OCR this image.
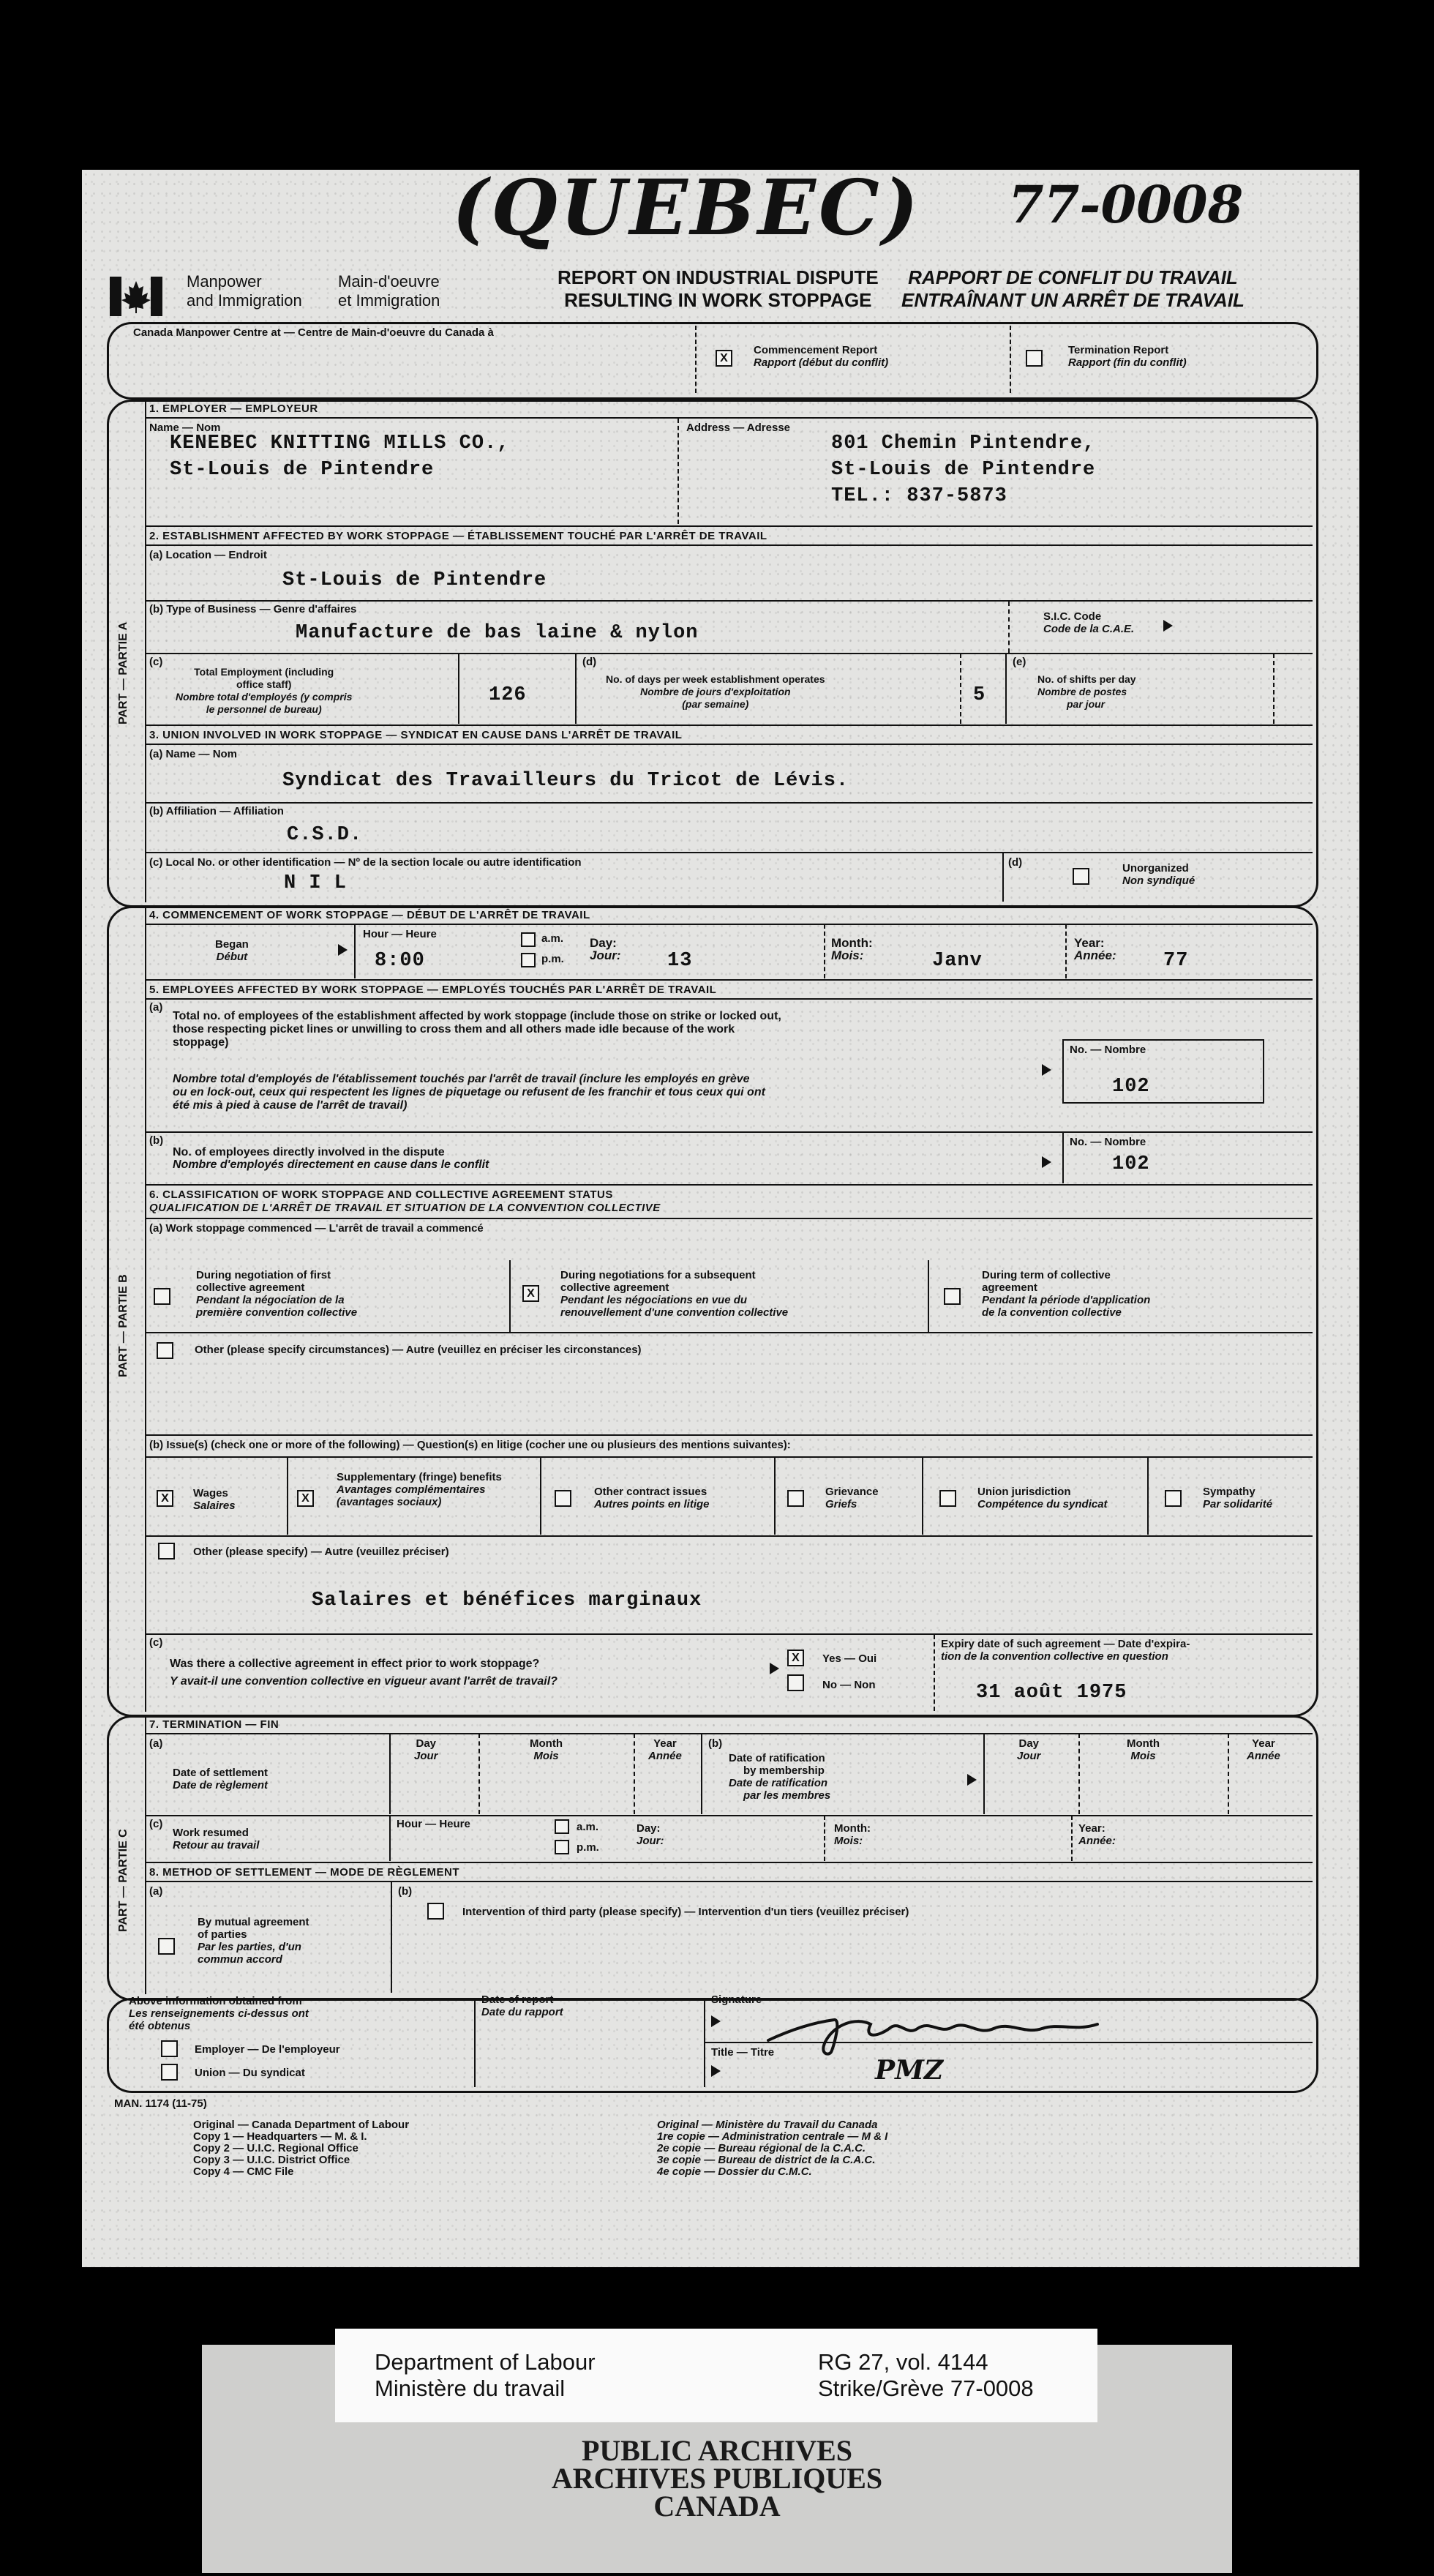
(QUEBEC) 77-0008
Manpower
and Immigration
Main-d'oeuvre
et Immigration
REPORT ON INDUSTRIAL DISPUTE
RESULTING IN WORK STOPPAGE
RAPPORT DE CONFLIT DU TRAVAIL
ENTRAÎNANT UN ARRÊT DE TRAVAIL
Canada Manpower Centre at — Centre de Main-d'oeuvre du Canada à
X
Commencement Report
Rapport (début du conflit)
Termination Report
Rapport (fin du conflit)
PART — PARTIE A
1. EMPLOYER — EMPLOYEUR
Name — Nom
KENEBEC KNITTING MILLS CO.,
St-Louis de Pintendre
Address — Adresse
801 Chemin Pintendre,
St-Louis de Pintendre
TEL.: 837-5873
2. ESTABLISHMENT AFFECTED BY WORK STOPPAGE — ÉTABLISSEMENT TOUCHÉ PAR L'ARRÊT DE TRAVAIL
(a) Location — Endroit
St-Louis de Pintendre
(b) Type of Business — Genre d'affaires
Manufacture de bas laine & nylon
S.I.C. Code
Code de la C.A.E.
(c)
Total Employment (including
office staff)
Nombre total d'employés (y compris
le personnel de bureau)
126
(d)
No. of days per week establishment operates
Nombre de jours d'exploitation
(par semaine)	5
(e)
No. of shifts per day
Nombre de postes
par jour
3. UNION INVOLVED IN WORK STOPPAGE — SYNDICAT EN CAUSE DANS L'ARRÊT DE TRAVAIL
(a) Name — Nom
Syndicat des Travailleurs du Tricot de Lévis.
(b) Affiliation — Affiliation
C.S.D.
(c) Local No. or other identification — Nº de la section locale ou autre identification
N I L
(d)	Unorganized
Non syndiqué
PART — PARTIE B
4. COMMENCEMENT OF WORK STOPPAGE — DÉBUT DE L'ARRÊT DE TRAVAIL
Began
Début
Hour — Heure
8:00
a.m.
p.m.
Day:
Jour: 13
Month:
Mois:	Janv
Year:
Année: 77
5. EMPLOYEES AFFECTED BY WORK STOPPAGE — EMPLOYÉS TOUCHÉS PAR L'ARRÊT DE TRAVAIL
(a)
Total no. of employees of the establishment affected by work stoppage (include those on strike or locked out,
those respecting picket lines or unwilling to cross them and all others made idle because of the work
stoppage)
Nombre total d'employés de l'établissement touchés par l'arrêt de travail (inclure les employés en grève
ou en lock-out, ceux qui respectent les lignes de piquetage ou refusent de les franchir et tous ceux qui ont
été mis à pied à cause de l'arrêt de travail)
No. — Nombre
102
(b)
No. of employees directly involved in the dispute
Nombre d'employés directement en cause dans le conflit
No. — Nombre
102
6. CLASSIFICATION OF WORK STOPPAGE AND COLLECTIVE AGREEMENT STATUS
QUALIFICATION DE L'ARRÊT DE TRAVAIL ET SITUATION DE LA CONVENTION COLLECTIVE
(a) Work stoppage commenced — L'arrêt de travail a commencé
During negotiation of first
collective agreement
Pendant la négociation de la
première convention collective
X
During negotiations for a subsequent
collective agreement
Pendant les négociations en vue du
renouvellement d'une convention collective
During term of collective
agreement
Pendant la période d'application
de la convention collective
Other (please specify circumstances) — Autre (veuillez en préciser les circonstances)
(b) Issue(s) (check one or more of the following) — Question(s) en litige (cocher une ou plusieurs des mentions suivantes):
X	Wages
Salaires
X
Supplementary (fringe) benefits
Avantages complémentaires (avantages sociaux)
Other contract issues
Autres points en litige
Grievance
Griefs
Union jurisdiction
Compétence du syndicat
Sympathy
Par solidarité
Other (please specify) — Autre (veuillez préciser)
Salaires et bénéfices marginaux
(c)
Was there a collective agreement in effect prior to work stoppage?
Y avait-il une convention collective en vigueur avant l'arrêt de travail?
X	Yes — Oui
No — Non
Expiry date of such agreement — Date d'expira-
tion de la convention collective en question
31 août 1975
PART — PARTIE C
7. TERMINATION — FIN
(a)
Date of settlement
Date de règlement
Day
Jour
Month
Mois
Year
Année
(b)
Date of ratification
by membership
Date de ratification
par les membres
Day
Jour
Month
Mois
Year
Année
(c)
Work resumed
Retour au travail
Hour — Heure	a.m.
p.m.
Day:
Jour:
Month:
Mois:
Year:
Année:
8. METHOD OF SETTLEMENT — MODE DE RÈGLEMENT
(a)
By mutual agreement
of parties
Par les parties, d'un
commun accord
(b)
Intervention of third party (please specify) — Intervention d'un tiers (veuillez préciser)
Above information obtained from
Les renseignements ci-dessus ont
été obtenus
Employer — De l'employeur
Union — Du syndicat
Date of report
Date du rapport
Signature
Title — Titre
PMZ
MAN. 1174 (11-75)
Original — Canada Department of Labour
Copy 1 — Headquarters — M. & I.
Copy 2 — U.I.C. Regional Office
Copy 3 — U.I.C. District Office
Copy 4 — CMC File
Original — Ministère du Travail du Canada
1re copie — Administration centrale — M & I
2e copie — Bureau régional de la C.A.C.
3e copie — Bureau de district de la C.A.C.
4e copie — Dossier du C.M.C.
Department of Labour
Ministère du travail
RG 27, vol. 4144
Strike/Grève 77-0008
PUBLIC ARCHIVES
ARCHIVES PUBLIQUES
CANADA
